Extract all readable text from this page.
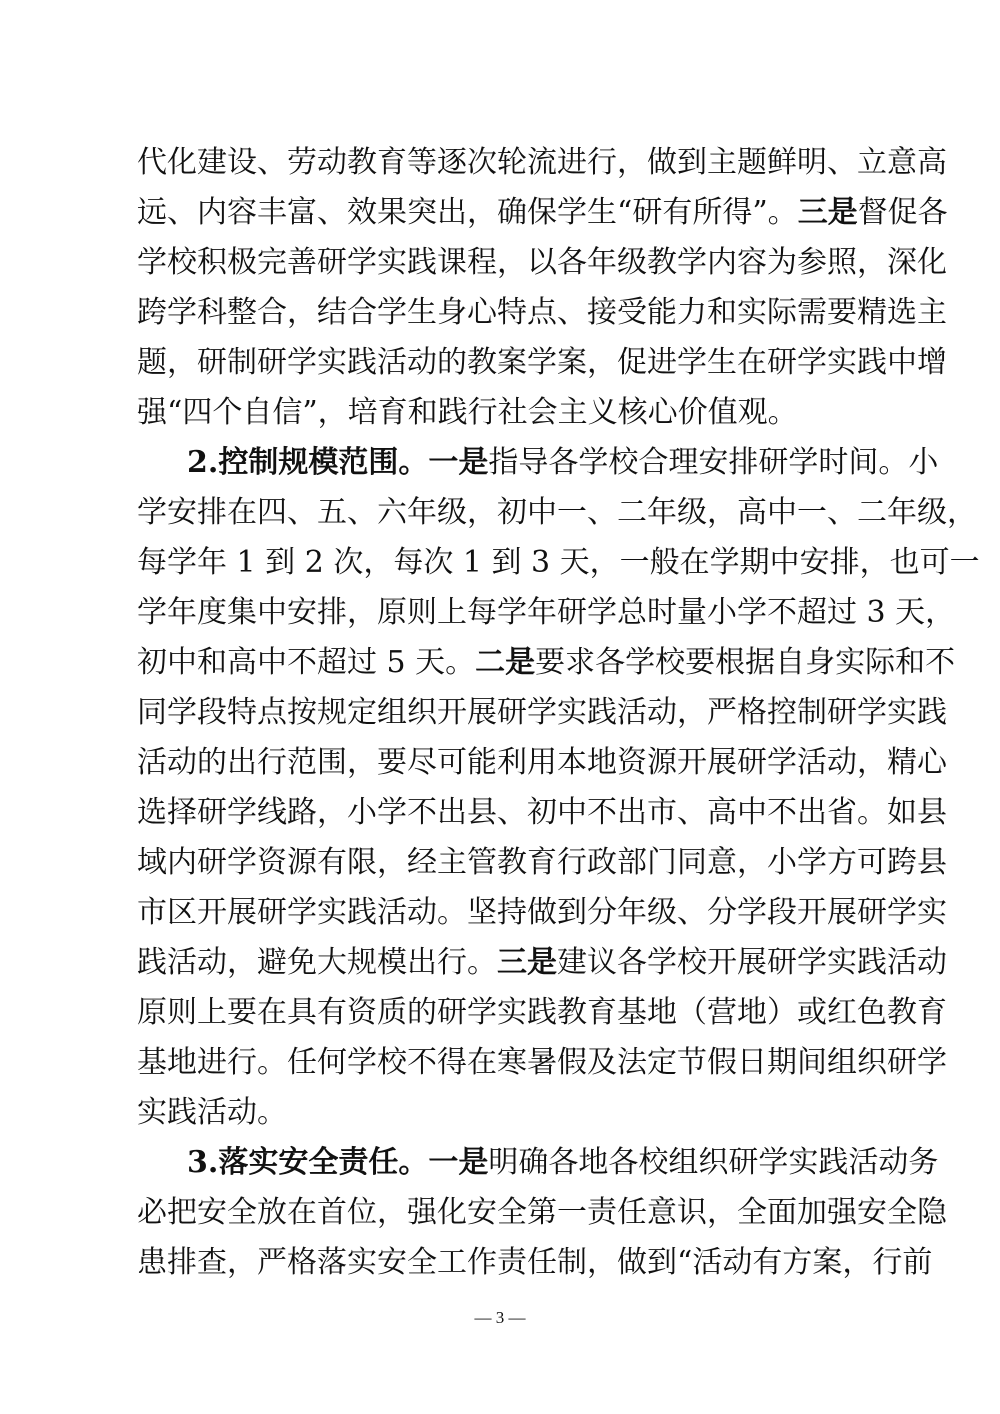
代化建设、劳动教育等逐次轮流进行，做到主题鲜明、立意高
远、内容丰富、效果突出，确保学生“研有所得”。三是督促各
学校积极完善研学实践课程，以各年级教学内容为参照，深化
跨学科整合，结合学生身心特点、接受能力和实际需要精选主
题，研制研学实践活动的教案学案，促进学生在研学实践中增
强“四个自信”，培育和践行社会主义核心价值观。
2.控制规模范围。一是指导各学校合理安排研学时间。小
学安排在四、五、六年级，初中一、二年级，高中一、二年级，
每学年 1 到 2 次，每次 1 到 3 天，一般在学期中安排，也可一
学年度集中安排，原则上每学年研学总时量小学不超过 3 天，
初中和高中不超过 5 天。二是要求各学校要根据自身实际和不
同学段特点按规定组织开展研学实践活动，严格控制研学实践
活动的出行范围，要尽可能利用本地资源开展研学活动，精心
选择研学线路，小学不出县、初中不出市、高中不出省。如县
域内研学资源有限，经主管教育行政部门同意，小学方可跨县
市区开展研学实践活动。坚持做到分年级、分学段开展研学实
践活动，避免大规模出行。三是建议各学校开展研学实践活动
原则上要在具有资质的研学实践教育基地（营地）或红色教育
基地进行。任何学校不得在寒暑假及法定节假日期间组织研学
实践活动。
3.落实安全责任。一是明确各地各校组织研学实践活动务
必把安全放在首位，强化安全第一责任意识，全面加强安全隐
患排查，严格落实安全工作责任制，做到“活动有方案，行前
— 3 —
